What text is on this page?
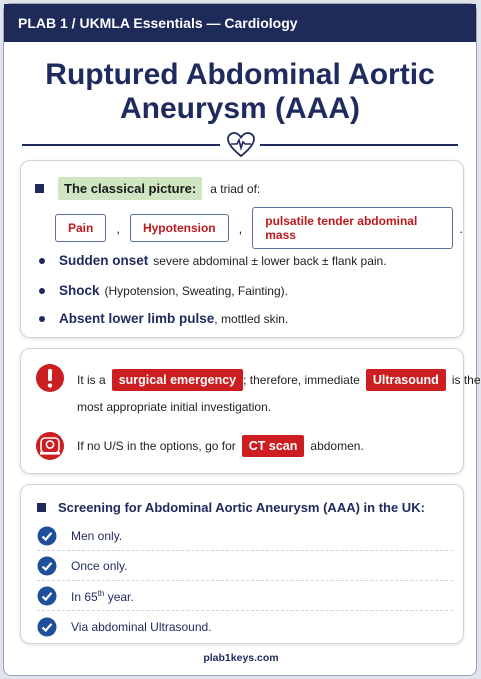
PLAB 1 / UKMLA Essentials — Cardiology
Ruptured Abdominal Aortic
Aneurysm (AAA)
The classical picture:	a triad of:
Pain	,	Hypotension	,	pulsatile tender abdominal mass	.
Sudden onset severe abdominal ± lower back ± flank pain.
Shock (Hypotension, Sweating, Fainting).
Absent lower limb pulse , mottled skin.
It is a	surgical emergency ; therefore, immediate	Ultrasound	is the
most appropriate initial investigation.
If no U/S in the options, go for	CT scan	abdomen.
Screening for Abdominal Aortic Aneurysm (AAA) in the UK:
Men only.
Once only.
In 65th year.
Via abdominal Ultrasound.
plab1keys.com
